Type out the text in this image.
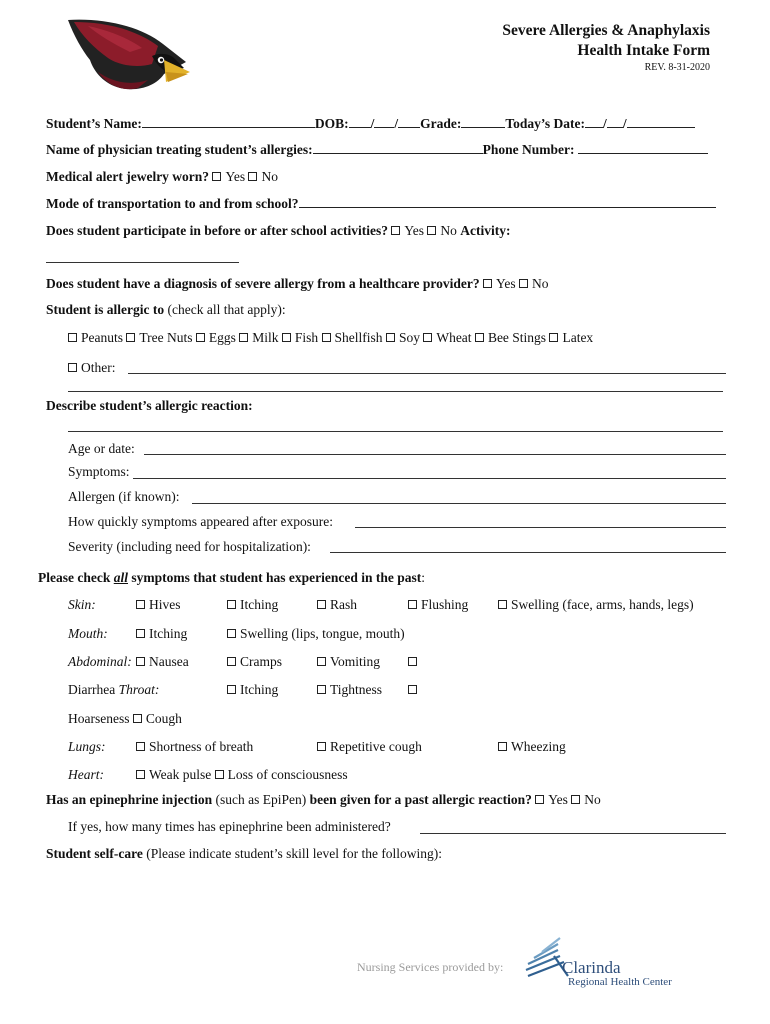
Severe Allergies & Anaphylaxis
Health Intake Form
REV. 8-31-2020
Student’s Name:	DOB: / / Grade:	Today’s Date: / /
Name of physician treating student’s allergies:	Phone Number:
Medical alert jewelry worn? Yes No
Mode of transportation to and from school?
Does student participate in before or after school activities? Yes No Activity:
Does student have a diagnosis of severe allergy from a healthcare provider? Yes No
Student is allergic to (check all that apply):
Peanuts Tree Nuts Eggs Milk Fish Shellfish Soy Wheat Bee Stings Latex
Other:
Describe student’s allergic reaction:
Age or date:
Symptoms:
Allergen (if known):
How quickly symptoms appeared after exposure:
Severity (including need for hospitalization):
Please check all symptoms that student has experienced in the past:
Skin:	Hives	Itching	Rash	Flushing	Swelling (face, arms, hands, legs)
Mouth:	Itching	Swelling (lips, tongue, mouth)
Abdominal:	Nausea	Cramps	Vomiting
Diarrhea Throat:	Itching	Tightness
Hoarseness Cough
Lungs:	Shortness of breath	Repetitive cough	Wheezing
Heart:	Weak pulse Loss of consciousness
Has an epinephrine injection (such as EpiPen) been given for a past allergic reaction? Yes No
If yes, how many times has epinephrine been administered?
Student self-care (Please indicate student’s skill level for the following):
Nursing Services provided by:	Clarinda
Regional Health Center
